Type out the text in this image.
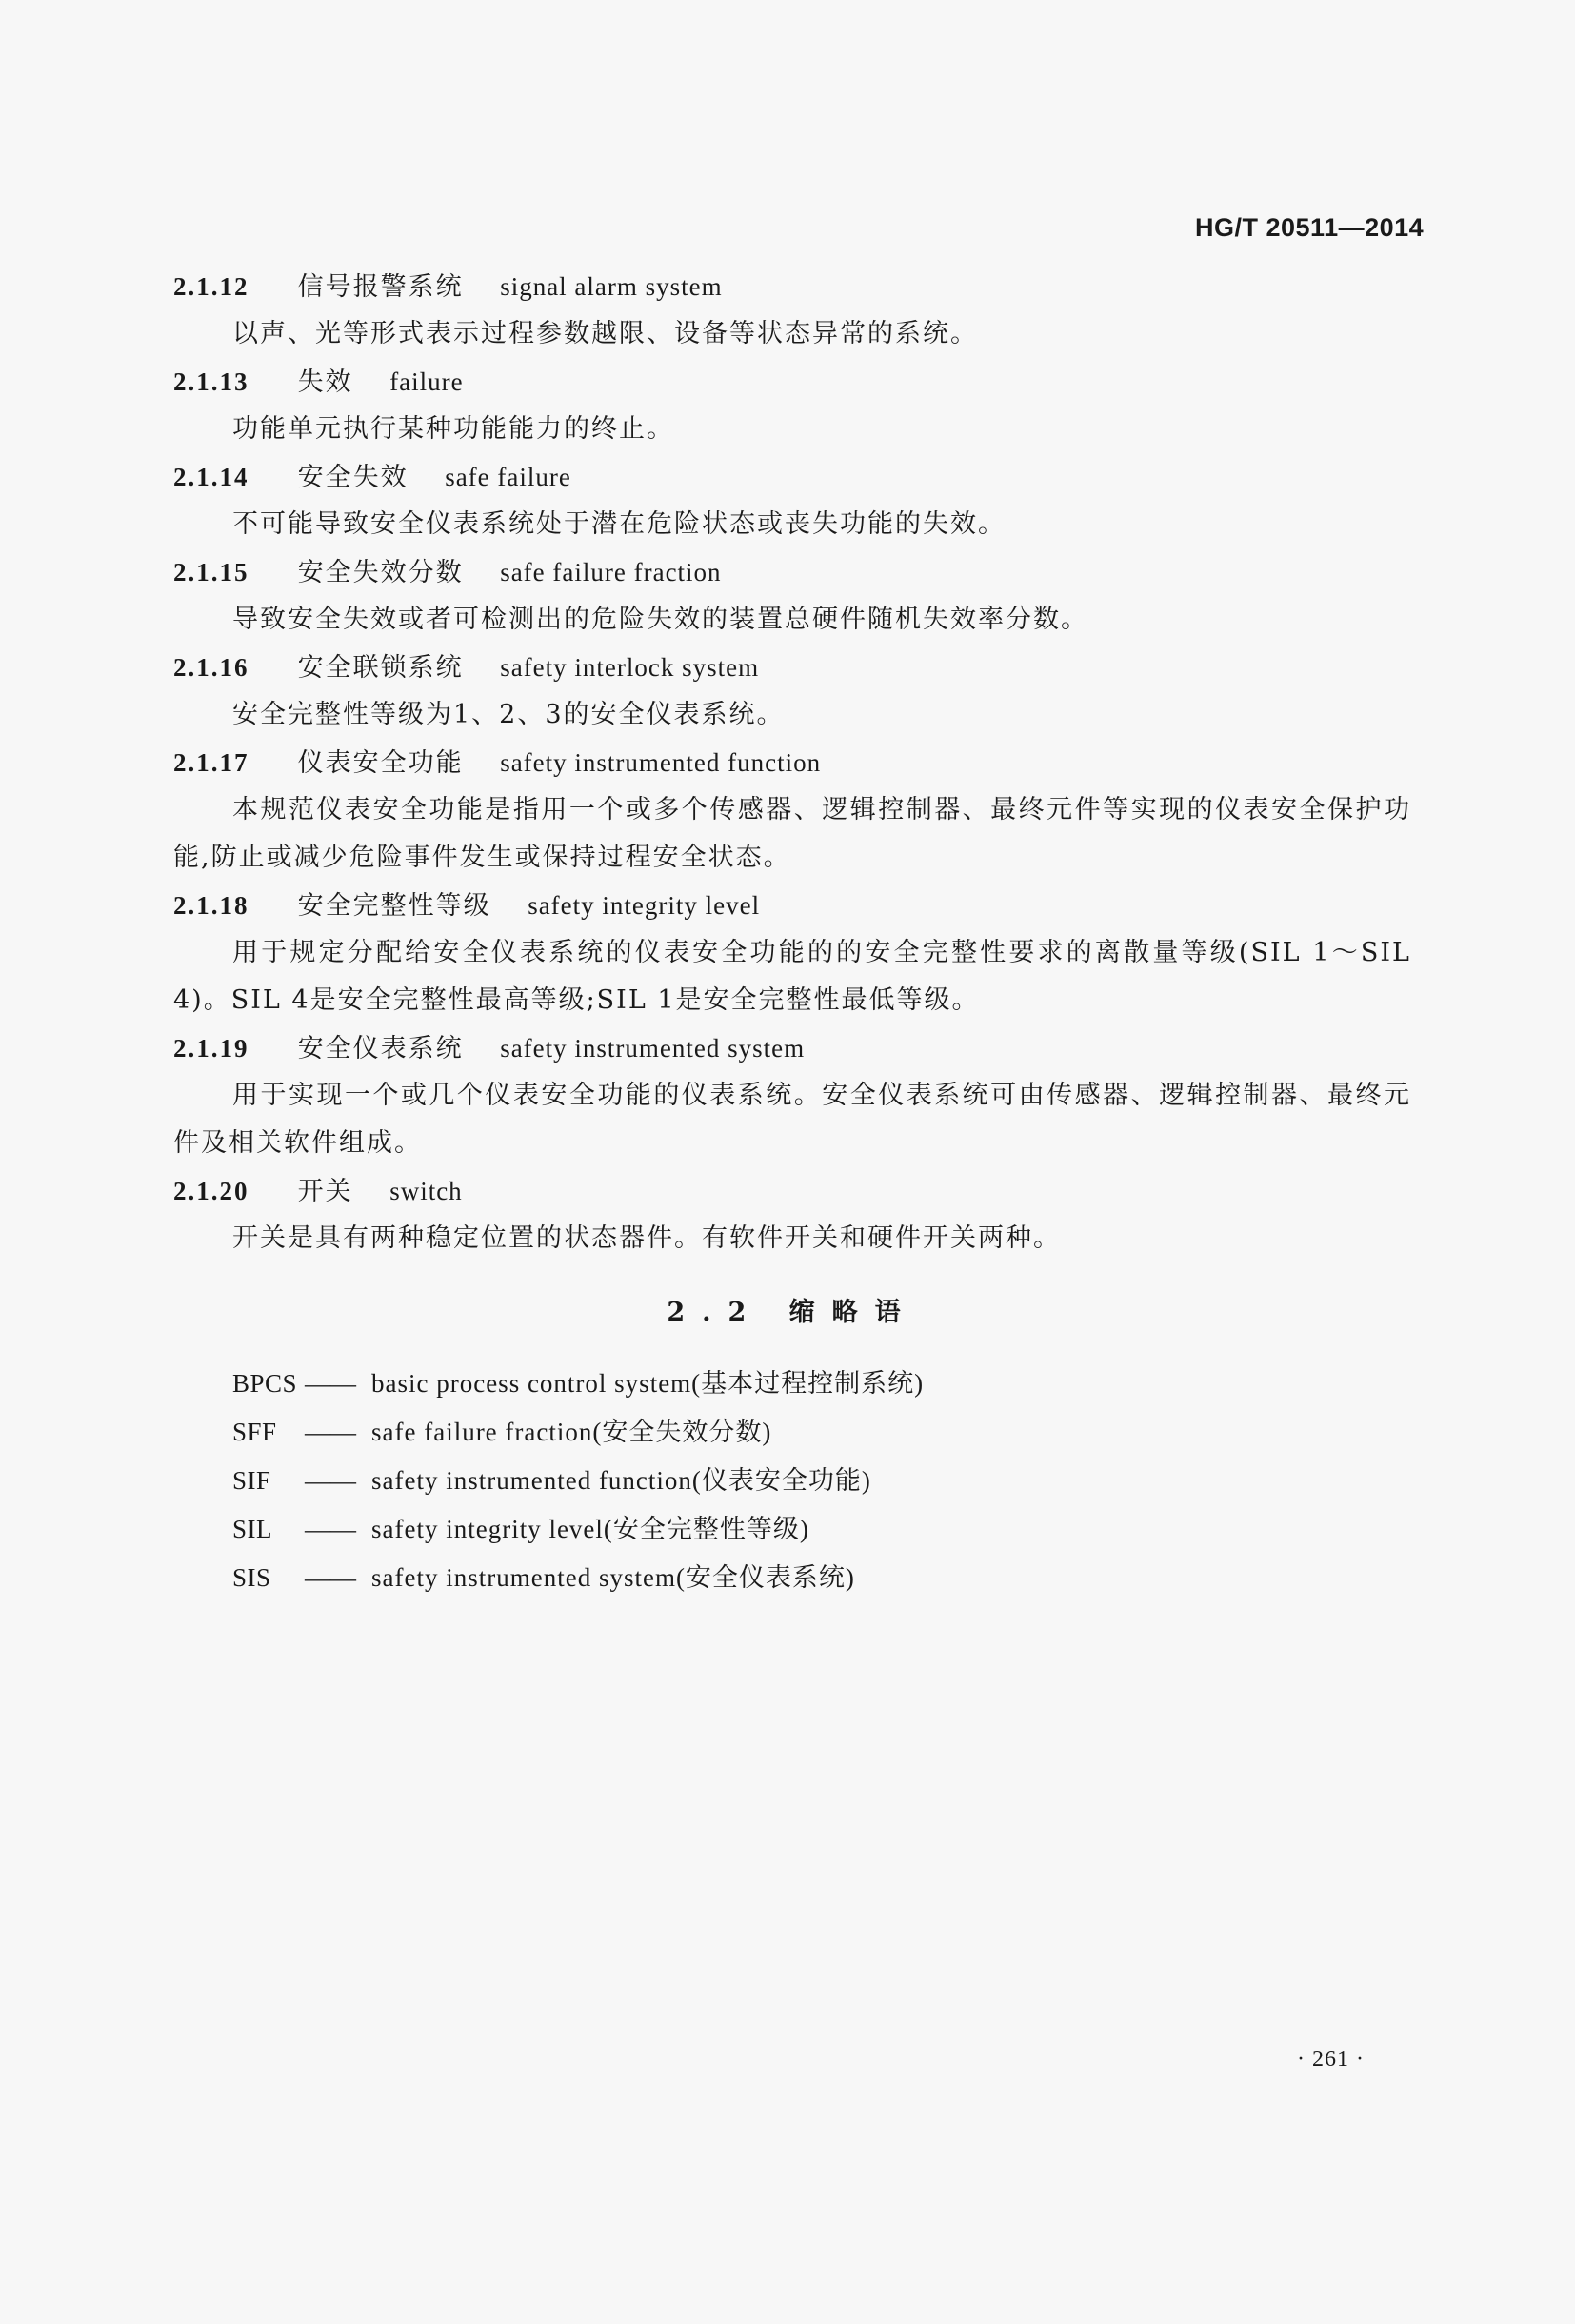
HG/T 20511—2014
2.1.12 信号报警系统 signal alarm system

以声、光等形式表示过程参数越限、设备等状态异常的系统。

2.1.13 失效 failure

功能单元执行某种功能能力的终止。

2.1.14 安全失效 safe failure

不可能导致安全仪表系统处于潜在危险状态或丧失功能的失效。

2.1.15 安全失效分数 safe failure fraction

导致安全失效或者可检测出的危险失效的装置总硬件随机失效率分数。

2.1.16 安全联锁系统 safety interlock system

安全完整性等级为1、2、3的安全仪表系统。

2.1.17 仪表安全功能 safety instrumented function

本规范仪表安全功能是指用一个或多个传感器、逻辑控制器、最终元件等实现的仪表安全保护功能,防止或减少危险事件发生或保持过程安全状态。

2.1.18 安全完整性等级 safety integrity level

用于规定分配给安全仪表系统的仪表安全功能的的安全完整性要求的离散量等级(SIL 1～SIL 4)。SIL 4是安全完整性最高等级;SIL 1是安全完整性最低等级。

2.1.19 安全仪表系统 safety instrumented system

用于实现一个或几个仪表安全功能的仪表系统。安全仪表系统可由传感器、逻辑控制器、最终元件及相关软件组成。

2.1.20 开关 switch

开关是具有两种稳定位置的状态器件。有软件开关和硬件开关两种。

2.2 缩略语
BPCS —— basic process control system(基本过程控制系统)
SFF —— safe failure fraction(安全失效分数)
SIF —— safety instrumented function(仪表安全功能)
SIL —— safety integrity level(安全完整性等级)
SIS —— safety instrumented system(安全仪表系统)
· 261 ·
